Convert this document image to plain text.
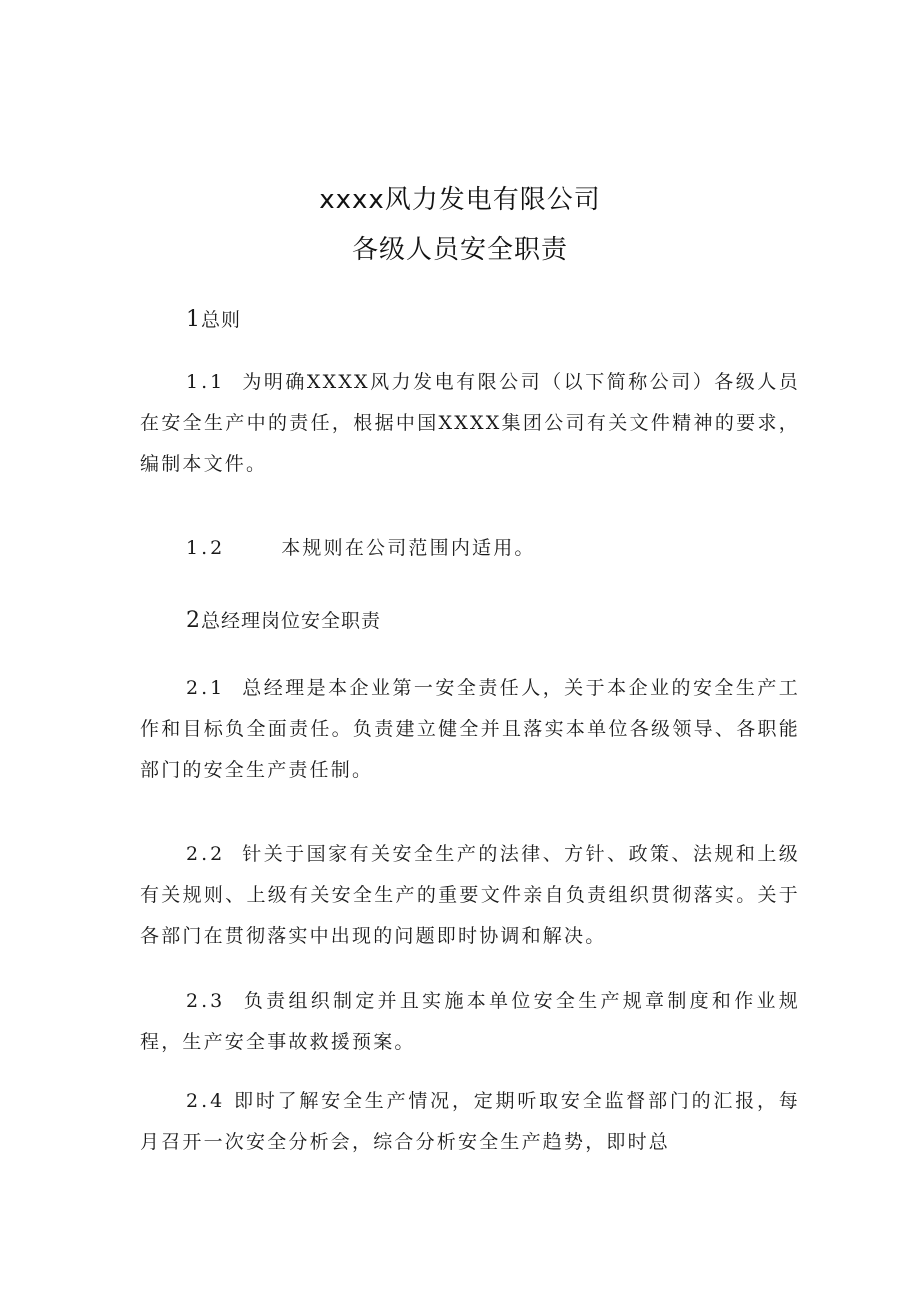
xxxx风力发电有限公司
各级人员安全职责

1总则

1.1 为明确XXXX风力发电有限公司（以下简称公司）各级人员在安全生产中的责任，根据中国XXXX集团公司有关文件精神的要求，编制本文件。

1.2	本规则在公司范围内适用。

2总经理岗位安全职责

2.1 总经理是本企业第一安全责任人，关于本企业的安全生产工作和目标负全面责任。负责建立健全并且落实本单位各级领导、各职能部门的安全生产责任制。

2.2 针关于国家有关安全生产的法律、方针、政策、法规和上级有关规则、上级有关安全生产的重要文件亲自负责组织贯彻落实。关于各部门在贯彻落实中出现的问题即时协调和解决。

2.3 负责组织制定并且实施本单位安全生产规章制度和作业规程，生产安全事故救援预案。

2.4 即时了解安全生产情况，定期听取安全监督部门的汇报，每月召开一次安全分析会，综合分析安全生产趋势，即时总
